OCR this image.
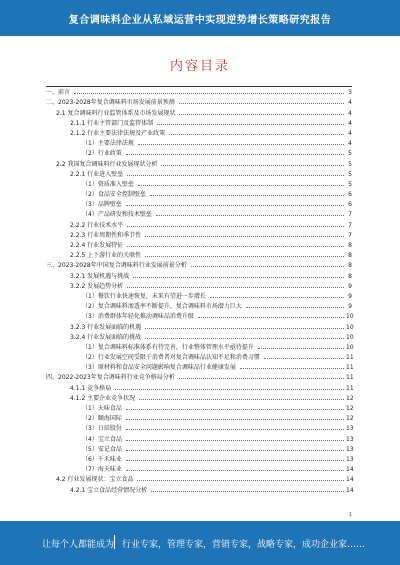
复合调味料企业从私域运营中实现逆势增长策略研究报告
内容目录
一、前言	3
二、2023-2028年复合调味料市场发展前景预测	4
2.1 复合调味料行业监管体系及市场发展现状	4
2.1.1 行业主管部门及监管体制	4
2.1.2 行业主要法律法规及产业政策	4
（1）主要法律法规	4
（2）行业政策	5
2.2 我国复合调味料行业发展现状分析	5
2.2.1 行业进入壁垒	5
（1）资质准入壁垒	5
（2）食品安全控制壁垒	6
（3）品牌壁垒	6
（4）产品研发和技术壁垒	7
2.2.2 行业技术水平	7
2.2.3 行业周期性和季节性	7
2.2.4 行业发展特征	8
2.2.5 上下游行业的关联性	8
三、2023-2028年中国复合调味料行业发展前景分析	8
3.2.1 发展机遇与挑战	8
3.2.2 发展趋势分析	9
（1）餐饮行业快速恢复，未来有望进一步增长	9
（2）复合调味料渗透率不断提升，复合调味料市场潜力巨大	9
（3）消费群体年轻化推动调味品消费升级	10
3.2.3 行业发展面临的机遇	10
3.2.4 行业发展面临的挑战	10
（1）复合调味料标准体系有待完善，行业整体管理水平亟待提升	10
（2）行业发展空间受限于消费者对复合调味品认知不足和消费习惯	11
（3）原材料和食品安全问题影响复合调味品行业健康发展	11
四、2022-2023年复合调味料行业竞争格局分析	11
4.1.1 竞争格局	11
4.1.2 主要企业竞争状况	12
（1）天味食品	12
（2）颐海国际	12
（3）日辰股份	13
（4）宝立食品	13
（5）安记食品	13
（6）千禾味业	13
（7）海天味业	14
4.2 行业发展现状：宝立食品	14
4.2.1 宝立食品经营情况分析	14
1
让每个人都能成为 行业专家，管理专家，营销专家，战略专家，成功企业家……
